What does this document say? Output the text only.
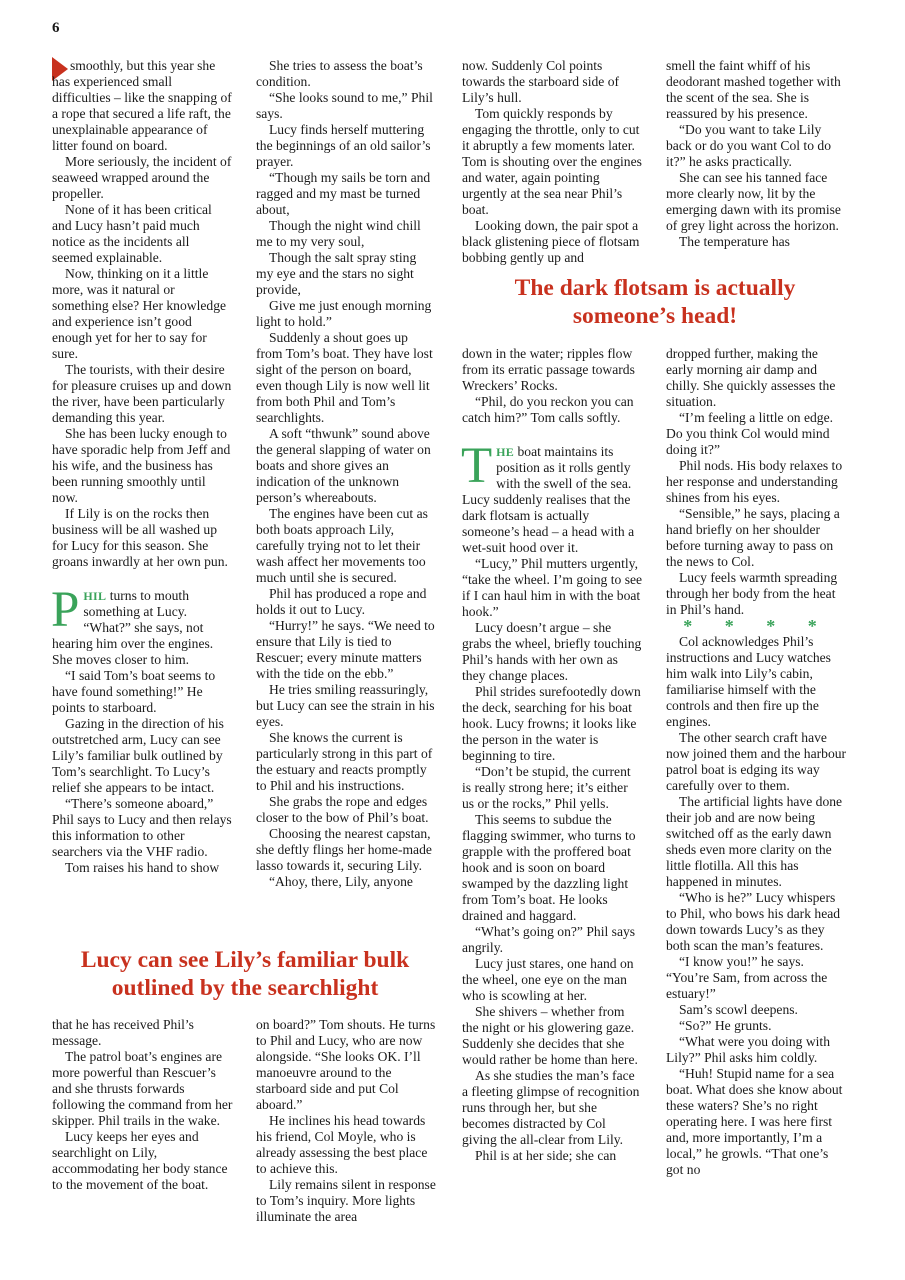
6

smoothly, but this year she has experienced small difficulties – like the snapping of a rope that secured a life raft, the unexplainable appearance of litter found on board.

More seriously, the incident of seaweed wrapped around the propeller.

None of it has been critical and Lucy hasn’t paid much notice as the incidents all seemed explainable.

Now, thinking on it a little more, was it natural or something else? Her knowledge and experience isn’t good enough yet for her to say for sure.

The tourists, with their desire for pleasure cruises up and down the river, have been particularly demanding this year.

She has been lucky enough to have sporadic help from Jeff and his wife, and the business has been running smoothly until now.

If Lily is on the rocks then business will be all washed up for Lucy for this season. She groans inwardly at her own pun.

PHIL turns to mouth something at Lucy. “What?” she says, not hearing him over the engines. She moves closer to him.

“I said Tom’s boat seems to have found something!” He points to starboard.

Gazing in the direction of his outstretched arm, Lucy can see Lily’s familiar bulk outlined by Tom’s searchlight. To Lucy’s relief she appears to be intact.

“There’s someone aboard,” Phil says to Lucy and then relays this information to other searchers via the VHF radio.

Tom raises his hand to show

She tries to assess the boat’s condition.

“She looks sound to me,” Phil says.

Lucy finds herself muttering the beginnings of an old sailor’s prayer.

“Though my sails be torn and ragged and my mast be turned about,

Though the night wind chill me to my very soul,

Though the salt spray sting my eye and the stars no sight provide,

Give me just enough morning light to hold.”

Suddenly a shout goes up from Tom’s boat. They have lost sight of the person on board, even though Lily is now well lit from both Phil and Tom’s searchlights.

A soft “thwunk” sound above the general slapping of water on boats and shore gives an indication of the unknown person’s whereabouts.

The engines have been cut as both boats approach Lily, carefully trying not to let their wash affect her movements too much until she is secured.

Phil has produced a rope and holds it out to Lucy.

“Hurry!” he says. “We need to ensure that Lily is tied to Rescuer; every minute matters with the tide on the ebb.”

He tries smiling reassuringly, but Lucy can see the strain in his eyes.

She knows the current is particularly strong in this part of the estuary and reacts promptly to Phil and his instructions.

She grabs the rope and edges closer to the bow of Phil’s boat.

Choosing the nearest capstan, she deftly flings her home-made lasso towards it, securing Lily.

“Ahoy, there, Lily, anyone

Lucy can see Lily’s familiar bulk outlined by the searchlight

that he has received Phil’s message.

The patrol boat’s engines are more powerful than Rescuer’s and she thrusts forwards following the command from her skipper. Phil trails in the wake.

Lucy keeps her eyes and searchlight on Lily, accommodating her body stance to the movement of the boat.

on board?” Tom shouts. He turns to Phil and Lucy, who are now alongside. “She looks OK. I’ll manoeuvre around to the starboard side and put Col aboard.”

He inclines his head towards his friend, Col Moyle, who is already assessing the best place to achieve this.

Lily remains silent in response to Tom’s inquiry. More lights illuminate the area

now. Suddenly Col points towards the starboard side of Lily’s hull.

Tom quickly responds by engaging the throttle, only to cut it abruptly a few moments later. Tom is shouting over the engines and water, again pointing urgently at the sea near Phil’s boat.

Looking down, the pair spot a black glistening piece of flotsam bobbing gently up and

smell the faint whiff of his deodorant mashed together with the scent of the sea. She is reassured by his presence.

“Do you want to take Lily back or do you want Col to do it?” he asks practically.

She can see his tanned face more clearly now, lit by the emerging dawn with its promise of grey light across the horizon.

The temperature has

The dark flotsam is actually someone’s head!

down in the water; ripples flow from its erratic passage towards Wreckers’ Rocks.

“Phil, do you reckon you can catch him?” Tom calls softly.

THE boat maintains its position as it rolls gently with the swell of the sea. Lucy suddenly realises that the dark flotsam is actually someone’s head – a head with a wet-suit hood over it.

“Lucy,” Phil mutters urgently, “take the wheel. I’m going to see if I can haul him in with the boat hook.”

Lucy doesn’t argue – she grabs the wheel, briefly touching Phil’s hands with her own as they change places.

Phil strides surefootedly down the deck, searching for his boat hook. Lucy frowns; it looks like the person in the water is beginning to tire.

“Don’t be stupid, the current is really strong here; it’s either us or the rocks,” Phil yells.

This seems to subdue the flagging swimmer, who turns to grapple with the proffered boat hook and is soon on board swamped by the dazzling light from Tom’s boat. He looks drained and haggard.

“What’s going on?” Phil says angrily.

Lucy just stares, one hand on the wheel, one eye on the man who is scowling at her.

She shivers – whether from the night or his glowering gaze. Suddenly she decides that she would rather be home than here.

As she studies the man’s face a fleeting glimpse of recognition runs through her, but she becomes distracted by Col giving the all-clear from Lily.

Phil is at her side; she can

dropped further, making the early morning air damp and chilly. She quickly assesses the situation.

“I’m feeling a little on edge. Do you think Col would mind doing it?”

Phil nods. His body relaxes to her response and understanding shines from his eyes.

“Sensible,” he says, placing a hand briefly on her shoulder before turning away to pass on the news to Col.

Lucy feels warmth spreading through her body from the heat in Phil’s hand.

* * * *

Col acknowledges Phil’s instructions and Lucy watches him walk into Lily’s cabin, familiarise himself with the controls and then fire up the engines.

The other search craft have now joined them and the harbour patrol boat is edging its way carefully over to them.

The artificial lights have done their job and are now being switched off as the early dawn sheds even more clarity on the little flotilla. All this has happened in minutes.

“Who is he?” Lucy whispers to Phil, who bows his dark head down towards Lucy’s as they both scan the man’s features.

“I know you!” he says. “You’re Sam, from across the estuary!”

Sam’s scowl deepens.

“So?” He grunts.

“What were you doing with Lily?” Phil asks him coldly.

“Huh! Stupid name for a sea boat. What does she know about these waters? She’s no right operating here. I was here first and, more importantly, I’m a local,” he growls. “That one’s got no
